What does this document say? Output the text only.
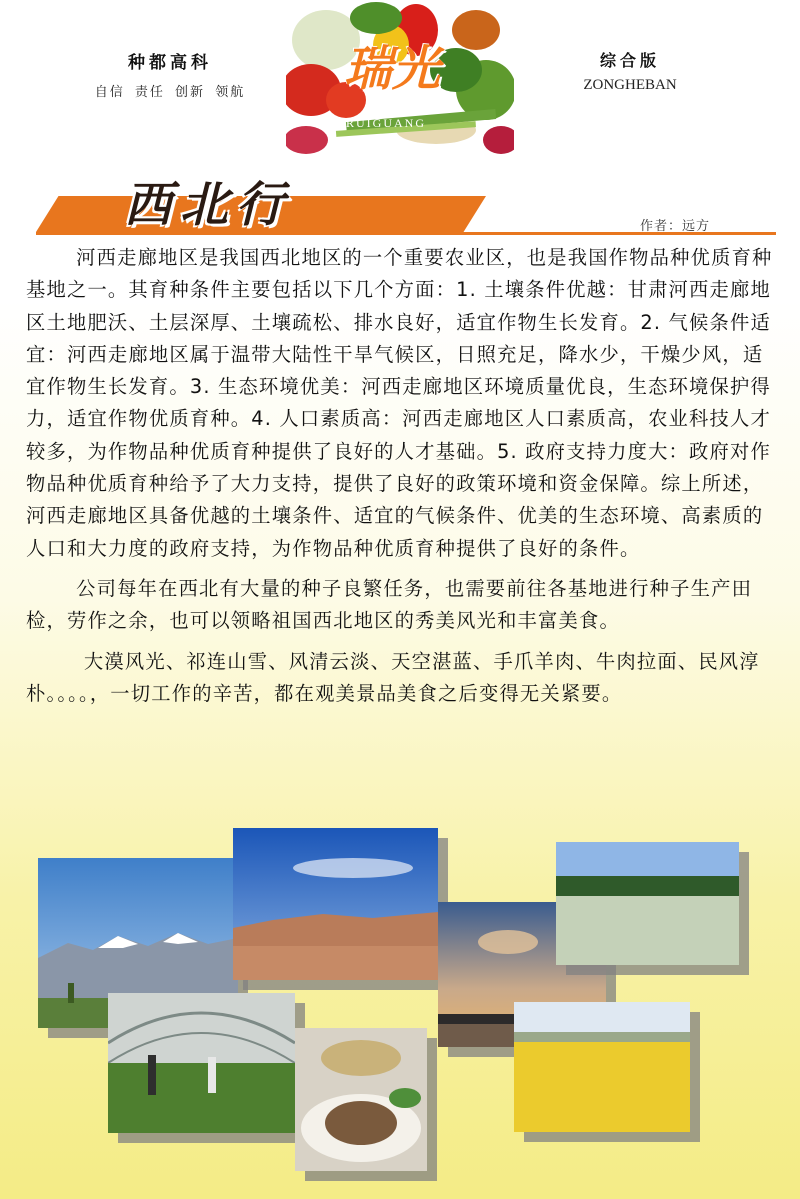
种都高科
自信 责任 创新 领航	瑞光
RUIGUANG
综合版
ZONGHEBAN
西北行	作者：远方

河西走廊地区是我国西北地区的一个重要农业区，也是我国作物品种优质育种基地之一。其育种条件主要包括以下几个方面：1. 土壤条件优越：甘肃河西走廊地区土地肥沃、土层深厚、土壤疏松、排水良好，适宜作物生长发育。2. 气候条件适宜：河西走廊地区属于温带大陆性干旱气候区，日照充足，降水少，干燥少风，适宜作物生长发育。3. 生态环境优美：河西走廊地区环境质量优良，生态环境保护得力，适宜作物优质育种。4. 人口素质高：河西走廊地区人口素质高，农业科技人才较多，为作物品种优质育种提供了良好的人才基础。5. 政府支持力度大：政府对作物品种优质育种给予了大力支持，提供了良好的政策环境和资金保障。综上所述，河西走廊地区具备优越的土壤条件、适宜的气候条件、优美的生态环境、高素质的人口和大力度的政府支持，为作物品种优质育种提供了良好的条件。

公司每年在西北有大量的种子良繁任务，也需要前往各基地进行种子生产田检，劳作之余，也可以领略祖国西北地区的秀美风光和丰富美食。

大漠风光、祁连山雪、风清云淡、天空湛蓝、手爪羊肉、牛肉拉面、民风淳朴。。。。，一切工作的辛苦，都在观美景品美食之后变得无关紧要。
